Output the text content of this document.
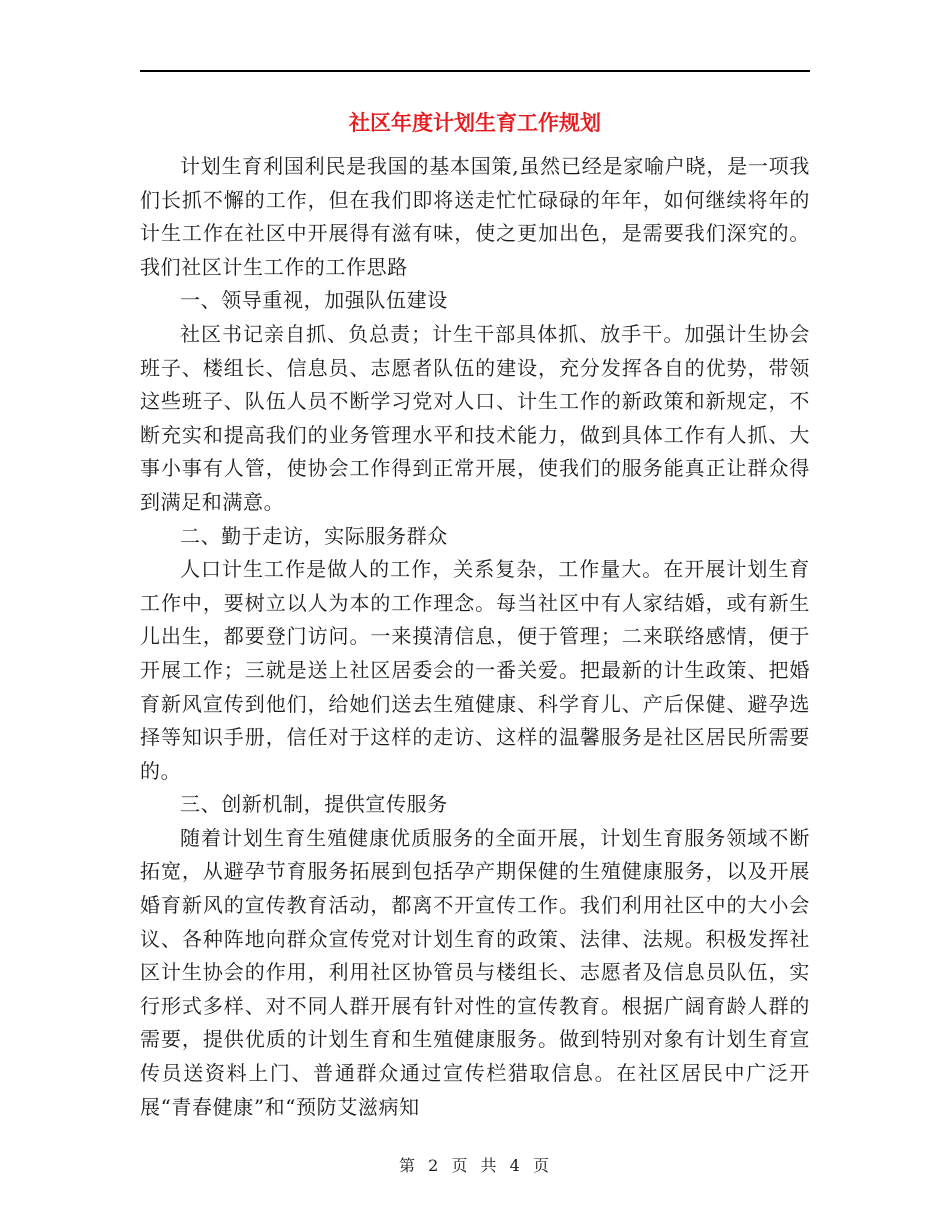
社区年度计划生育工作规划

计划生育利国利民是我国的基本国策,虽然已经是家喻户晓，是一项我们长抓不懈的工作，但在我们即将送走忙忙碌碌的年年，如何继续将年的计生工作在社区中开展得有滋有味，使之更加出色，是需要我们深究的。我们社区计生工作的工作思路

一、领导重视，加强队伍建设

社区书记亲自抓、负总责；计生干部具体抓、放手干。加强计生协会班子、楼组长、信息员、志愿者队伍的建设，充分发挥各自的优势，带领这些班子、队伍人员不断学习党对人口、计生工作的新政策和新规定，不断充实和提高我们的业务管理水平和技术能力，做到具体工作有人抓、大事小事有人管，使协会工作得到正常开展，使我们的服务能真正让群众得到满足和满意。

二、勤于走访，实际服务群众

人口计生工作是做人的工作，关系复杂，工作量大。在开展计划生育工作中，要树立以人为本的工作理念。每当社区中有人家结婚，或有新生儿出生，都要登门访问。一来摸清信息，便于管理；二来联络感情，便于开展工作；三就是送上社区居委会的一番关爱。把最新的计生政策、把婚育新风宣传到他们，给她们送去生殖健康、科学育儿、产后保健、避孕选择等知识手册，信任对于这样的走访、这样的温馨服务是社区居民所需要的。

三、创新机制，提供宣传服务

随着计划生育生殖健康优质服务的全面开展，计划生育服务领域不断拓宽，从避孕节育服务拓展到包括孕产期保健的生殖健康服务，以及开展婚育新风的宣传教育活动，都离不开宣传工作。我们利用社区中的大小会议、各种阵地向群众宣传党对计划生育的政策、法律、法规。积极发挥社区计生协会的作用，利用社区协管员与楼组长、志愿者及信息员队伍，实行形式多样、对不同人群开展有针对性的宣传教育。根据广阔育龄人群的需要，提供优质的计划生育和生殖健康服务。做到特别对象有计划生育宣传员送资料上门、普通群众通过宣传栏猎取信息。在社区居民中广泛开展“青春健康”和“预防艾滋病知

第 2 页 共 4 页
